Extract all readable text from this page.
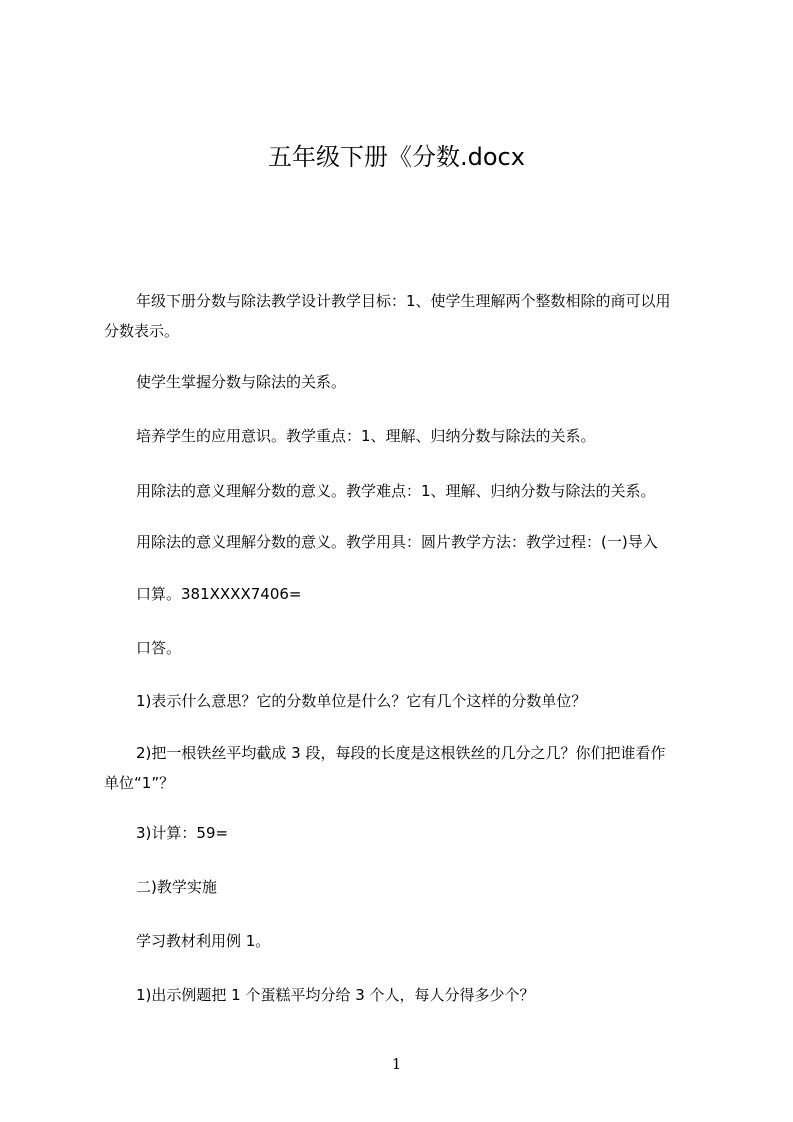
五年级下册《分数.docx
年级下册分数与除法教学设计教学目标：1、使学生理解两个整数相除的商可以用
分数表示。
使学生掌握分数与除法的关系。
培养学生的应用意识。教学重点：1、理解、归纳分数与除法的关系。
用除法的意义理解分数的意义。教学难点：1、理解、归纳分数与除法的关系。
用除法的意义理解分数的意义。教学用具：圆片教学方法：教学过程：(一)导入
口算。381XXXX7406=
口答。
1)表示什么意思？它的分数单位是什么？它有几个这样的分数单位？
2)把一根铁丝平均截成 3 段，每段的长度是这根铁丝的几分之几？你们把谁看作
单位“1”？
3)计算：59=
二)教学实施
学习教材利用例 1。
1)出示例题把 1 个蛋糕平均分给 3 个人，每人分得多少个？
1
